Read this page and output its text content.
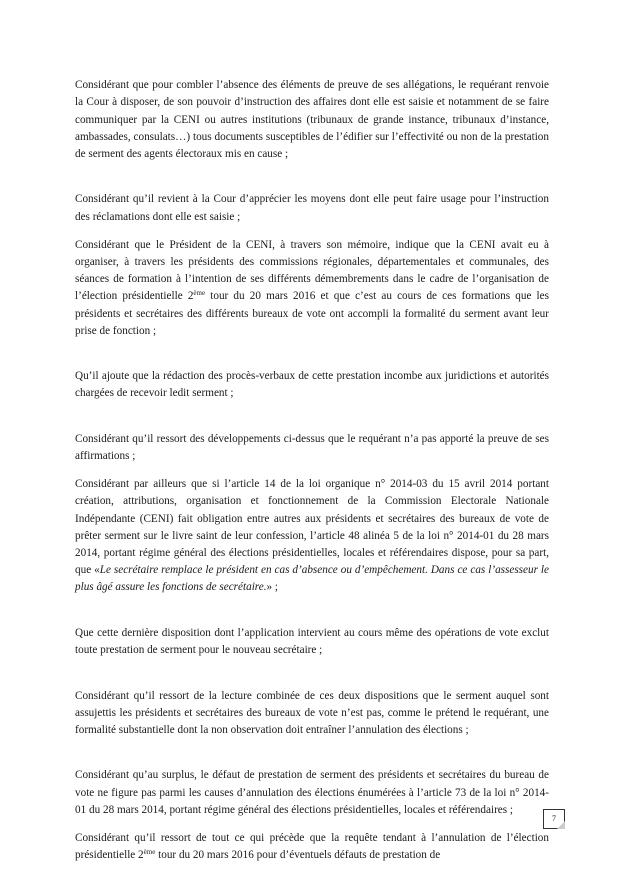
Considérant que pour combler l’absence des éléments de preuve de ses allégations, le requérant renvoie la Cour à disposer, de son pouvoir d’instruction des affaires dont elle est saisie et notamment de se faire communiquer par la CENI ou autres institutions (tribunaux de grande instance, tribunaux d’instance, ambassades, consulats…) tous documents susceptibles de l’édifier sur l’effectivité ou non de la prestation de serment des agents électoraux mis en cause ;

Considérant qu’il revient à la Cour d’apprécier les moyens dont elle peut faire usage pour l’instruction des réclamations dont elle est saisie ;

Considérant que le Président de la CENI, à travers son mémoire, indique que la CENI avait eu à organiser, à travers les présidents des commissions régionales, départementales et communales, des séances de formation à l’intention de ses différents démembrements dans le cadre de l’organisation de l’élection présidentielle 2ème tour du 20 mars 2016 et que c’est au cours de ces formations que les présidents et secrétaires des différents bureaux de vote ont accompli la formalité du serment avant leur prise de fonction ;

Qu’il ajoute que la rédaction des procès-verbaux de cette prestation incombe aux juridictions et autorités chargées de recevoir ledit serment ;

Considérant qu’il ressort des développements ci-dessus que le requérant n’a pas apporté la preuve de ses affirmations ;

Considérant par ailleurs que si l’article 14 de la loi organique n° 2014-03 du 15 avril 2014 portant création, attributions, organisation et fonctionnement de la Commission Electorale Nationale Indépendante (CENI) fait obligation entre autres aux présidents et secrétaires des bureaux de vote de prêter serment sur le livre saint de leur confession, l’article 48 alinéa 5 de la loi n° 2014-01 du 28 mars 2014, portant régime général des élections présidentielles, locales et référendaires dispose, pour sa part, que «Le secrétaire remplace le président en cas d’absence ou d’empêchement. Dans ce cas l’assesseur le plus âgé assure les fonctions de secrétaire.» ;

Que cette dernière disposition dont l’application intervient au cours même des opérations de vote exclut toute prestation de serment pour le nouveau secrétaire ;

Considérant qu’il ressort de la lecture combinée de ces deux dispositions que le serment auquel sont assujettis les présidents et secrétaires des bureaux de vote n’est pas, comme le prétend le requérant, une formalité substantielle dont la non observation doit entraîner l’annulation des élections ;

Considérant qu’au surplus, le défaut de prestation de serment des présidents et secrétaires du bureau de vote ne figure pas parmi les causes d’annulation des élections énumérées à l’article 73 de la loi n° 2014-01 du 28 mars 2014, portant régime général des élections présidentielles, locales et référendaires ;

Considérant qu’il ressort de tout ce qui précède que la requête tendant à l’annulation de l’élection présidentielle 2ème tour du 20 mars 2016 pour d’éventuels défauts de prestation de

7
